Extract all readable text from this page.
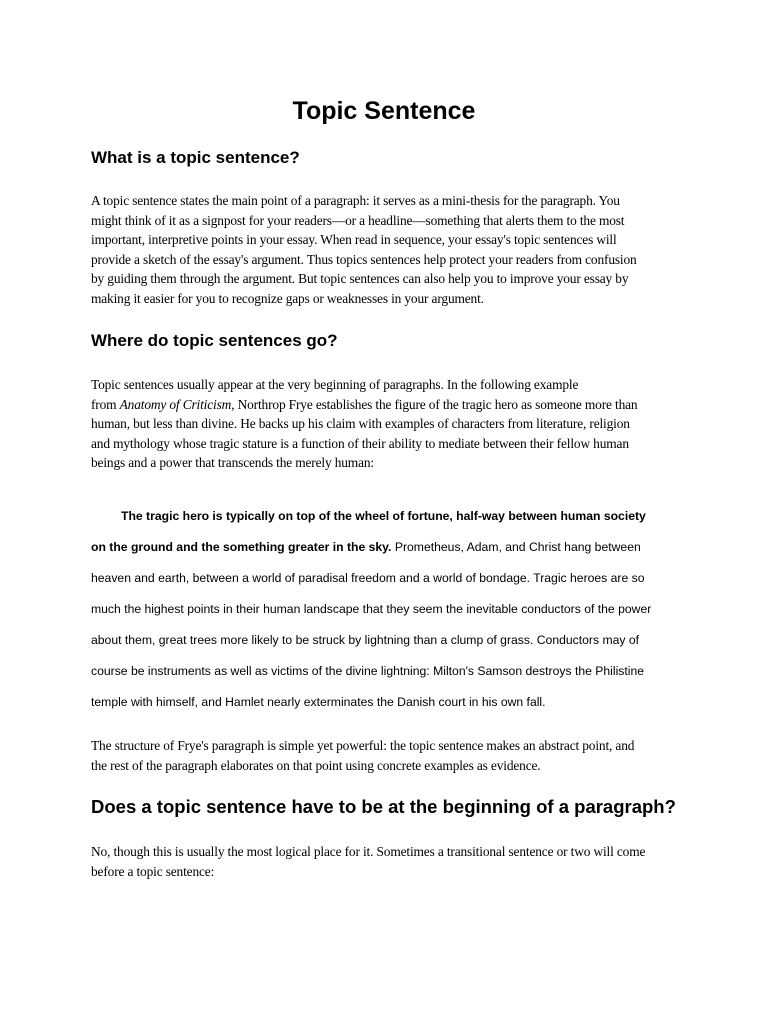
Topic Sentence
What is a topic sentence?

A topic sentence states the main point of a paragraph: it serves as a mini-thesis for the paragraph. You
might think of it as a signpost for your readers—or a headline—something that alerts them to the most
important, interpretive points in your essay. When read in sequence, your essay's topic sentences will
provide a sketch of the essay's argument. Thus topics sentences help protect your readers from confusion
by guiding them through the argument. But topic sentences can also help you to improve your essay by
making it easier for you to recognize gaps or weaknesses in your argument.

Where do topic sentences go?

Topic sentences usually appear at the very beginning of paragraphs. In the following example
from Anatomy of Criticism, Northrop Frye establishes the figure of the tragic hero as someone more than
human, but less than divine. He backs up his claim with examples of characters from literature, religion
and mythology whose tragic stature is a function of their ability to mediate between their fellow human
beings and a power that transcends the merely human:

The tragic hero is typically on top of the wheel of fortune, half-way between human society
on the ground and the something greater in the sky. Prometheus, Adam, and Christ hang between
heaven and earth, between a world of paradisal freedom and a world of bondage. Tragic heroes are so
much the highest points in their human landscape that they seem the inevitable conductors of the power
about them, great trees more likely to be struck by lightning than a clump of grass. Conductors may of
course be instruments as well as victims of the divine lightning: Milton's Samson destroys the Philistine
temple with himself, and Hamlet nearly exterminates the Danish court in his own fall.

The structure of Frye's paragraph is simple yet powerful: the topic sentence makes an abstract point, and
the rest of the paragraph elaborates on that point using concrete examples as evidence.

Does a topic sentence have to be at the beginning of a paragraph?

No, though this is usually the most logical place for it. Sometimes a transitional sentence or two will come
before a topic sentence:
